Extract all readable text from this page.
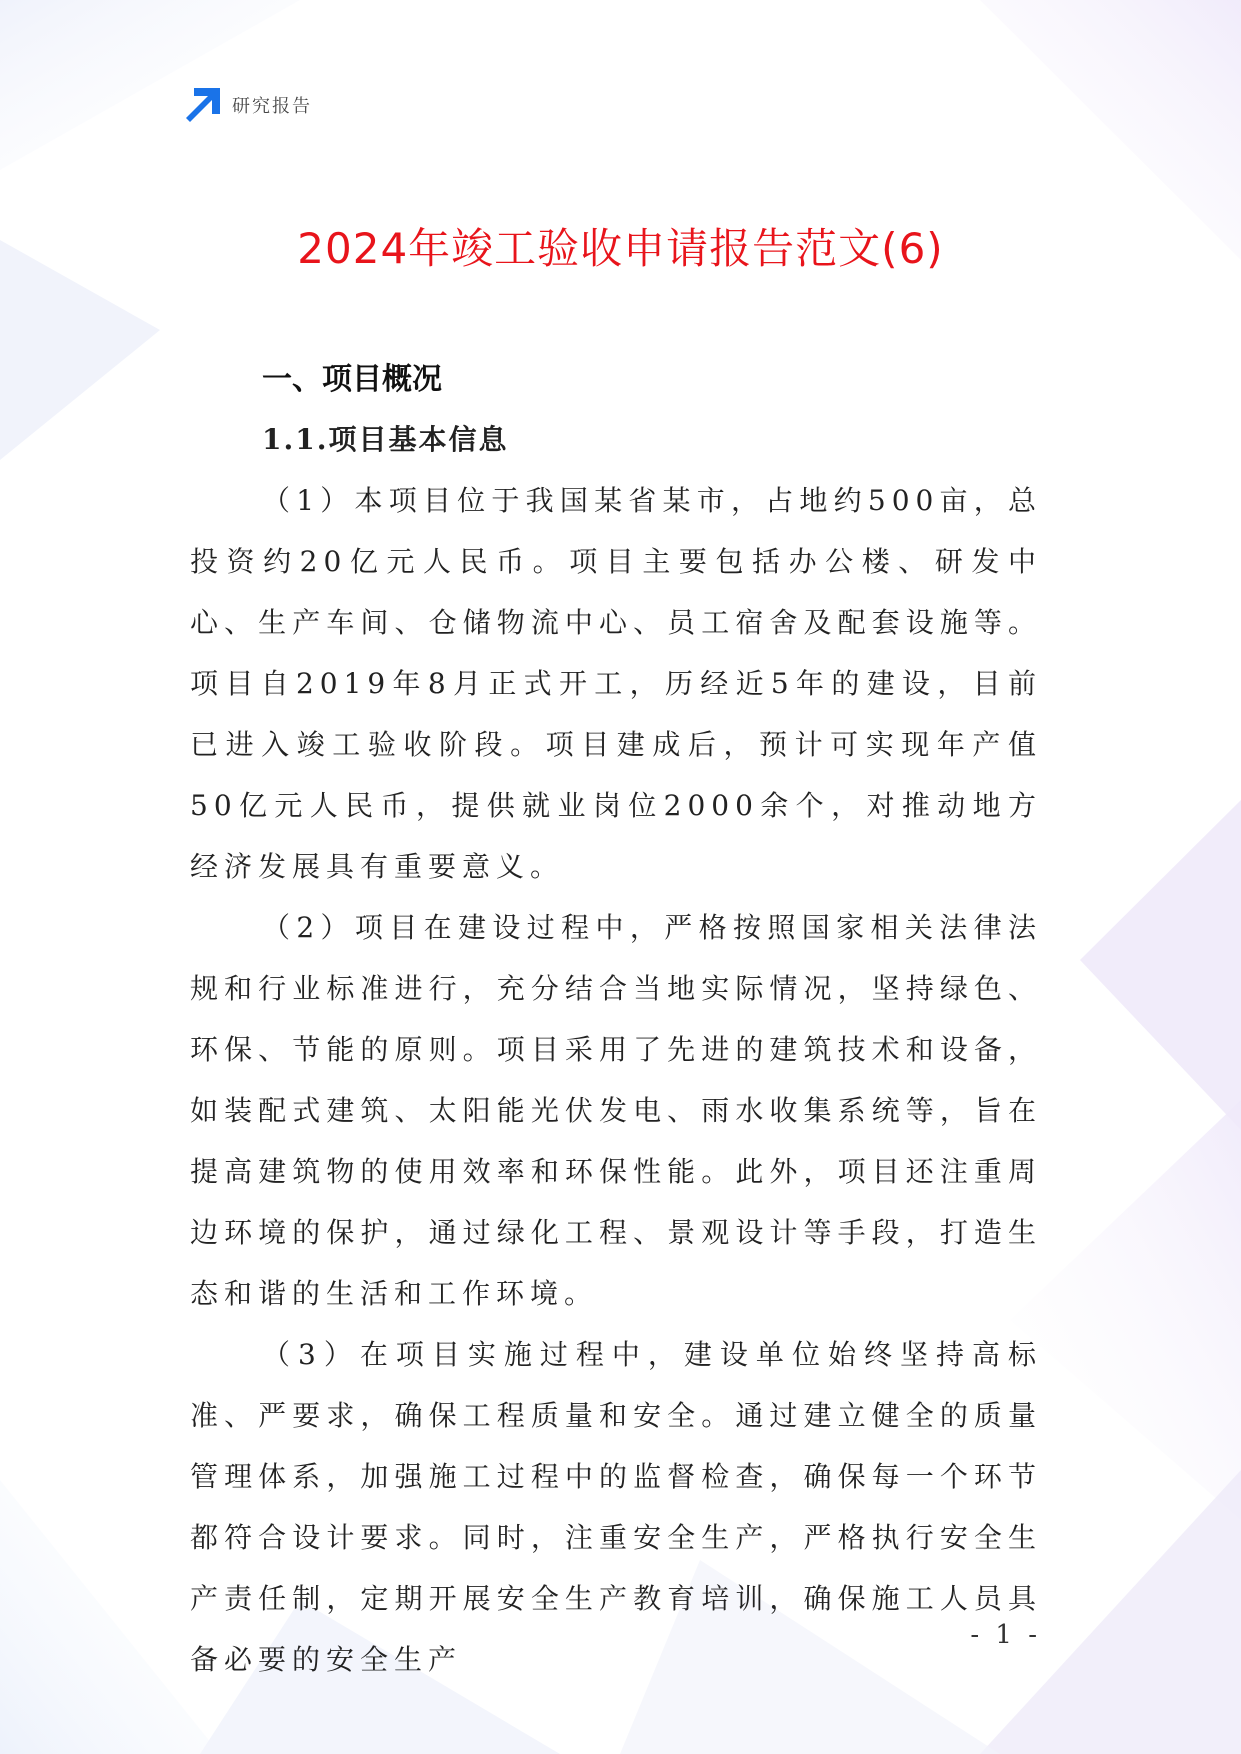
研究报告
2024年竣工验收申请报告范文(6)
一、项目概况
1.1.项目基本信息

（1）本项目位于我国某省某市，占地约500亩，总投资约20亿元人民币。项目主要包括办公楼、研发中心、生产车间、仓储物流中心、员工宿舍及配套设施等。项目自2019年8月正式开工，历经近5年的建设，目前已进入竣工验收阶段。项目建成后，预计可实现年产值50亿元人民币，提供就业岗位2000余个，对推动地方经济发展具有重要意义。

（2）项目在建设过程中，严格按照国家相关法律法规和行业标准进行，充分结合当地实际情况，坚持绿色、环保、节能的原则。项目采用了先进的建筑技术和设备，如装配式建筑、太阳能光伏发电、雨水收集系统等，旨在提高建筑物的使用效率和环保性能。此外，项目还注重周边环境的保护，通过绿化工程、景观设计等手段，打造生态和谐的生活和工作环境。

（3）在项目实施过程中，建设单位始终坚持高标准、严要求，确保工程质量和安全。通过建立健全的质量管理体系，加强施工过程中的监督检查，确保每一个环节都符合设计要求。同时，注重安全生产，严格执行安全生产责任制，定期开展安全生产教育培训，确保施工人员具备必要的安全生产

- 1 -
